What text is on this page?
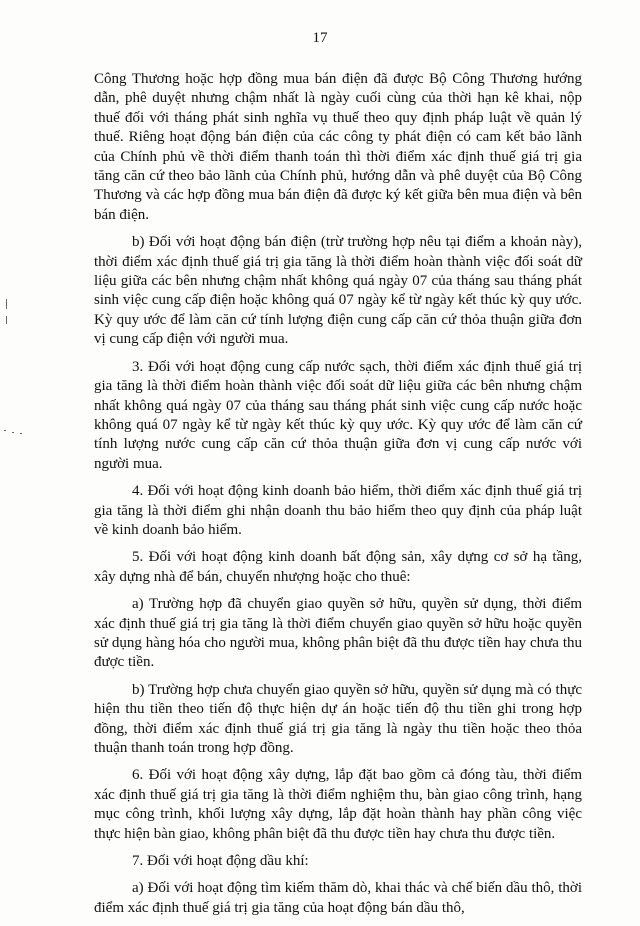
17

Công Thương hoặc hợp đồng mua bán điện đã được Bộ Công Thương hướng dẫn, phê duyệt nhưng chậm nhất là ngày cuối cùng của thời hạn kê khai, nộp thuế đối với tháng phát sinh nghĩa vụ thuế theo quy định pháp luật về quản lý thuế. Riêng hoạt động bán điện của các công ty phát điện có cam kết bảo lãnh của Chính phủ về thời điểm thanh toán thì thời điểm xác định thuế giá trị gia tăng căn cứ theo bảo lãnh của Chính phủ, hướng dẫn và phê duyệt của Bộ Công Thương và các hợp đồng mua bán điện đã được ký kết giữa bên mua điện và bên bán điện.

b) Đối với hoạt động bán điện (trừ trường hợp nêu tại điểm a khoản này), thời điểm xác định thuế giá trị gia tăng là thời điểm hoàn thành việc đối soát dữ liệu giữa các bên nhưng chậm nhất không quá ngày 07 của tháng sau tháng phát sinh việc cung cấp điện hoặc không quá 07 ngày kể từ ngày kết thúc kỳ quy ước. Kỳ quy ước để làm căn cứ tính lượng điện cung cấp căn cứ thỏa thuận giữa đơn vị cung cấp điện với người mua.

3. Đối với hoạt động cung cấp nước sạch, thời điểm xác định thuế giá trị gia tăng là thời điểm hoàn thành việc đối soát dữ liệu giữa các bên nhưng chậm nhất không quá ngày 07 của tháng sau tháng phát sinh việc cung cấp nước hoặc không quá 07 ngày kể từ ngày kết thúc kỳ quy ước. Kỳ quy ước để làm căn cứ tính lượng nước cung cấp căn cứ thỏa thuận giữa đơn vị cung cấp nước với người mua.

4. Đối với hoạt động kinh doanh bảo hiểm, thời điểm xác định thuế giá trị gia tăng là thời điểm ghi nhận doanh thu bảo hiểm theo quy định của pháp luật về kinh doanh bảo hiểm.

5. Đối với hoạt động kinh doanh bất động sản, xây dựng cơ sở hạ tầng, xây dựng nhà để bán, chuyển nhượng hoặc cho thuê:

a) Trường hợp đã chuyển giao quyền sở hữu, quyền sử dụng, thời điểm xác định thuế giá trị gia tăng là thời điểm chuyển giao quyền sở hữu hoặc quyền sử dụng hàng hóa cho người mua, không phân biệt đã thu được tiền hay chưa thu được tiền.

b) Trường hợp chưa chuyển giao quyền sở hữu, quyền sử dụng mà có thực hiện thu tiền theo tiến độ thực hiện dự án hoặc tiến độ thu tiền ghi trong hợp đồng, thời điểm xác định thuế giá trị gia tăng là ngày thu tiền hoặc theo thỏa thuận thanh toán trong hợp đồng.

6. Đối với hoạt động xây dựng, lắp đặt bao gồm cả đóng tàu, thời điểm xác định thuế giá trị gia tăng là thời điểm nghiệm thu, bàn giao công trình, hạng mục công trình, khối lượng xây dựng, lắp đặt hoàn thành hay phần công việc thực hiện bàn giao, không phân biệt đã thu được tiền hay chưa thu được tiền.

7. Đối với hoạt động dầu khí:

a) Đối với hoạt động tìm kiếm thăm dò, khai thác và chế biến dầu thô, thời điểm xác định thuế giá trị gia tăng của hoạt động bán dầu thô,
